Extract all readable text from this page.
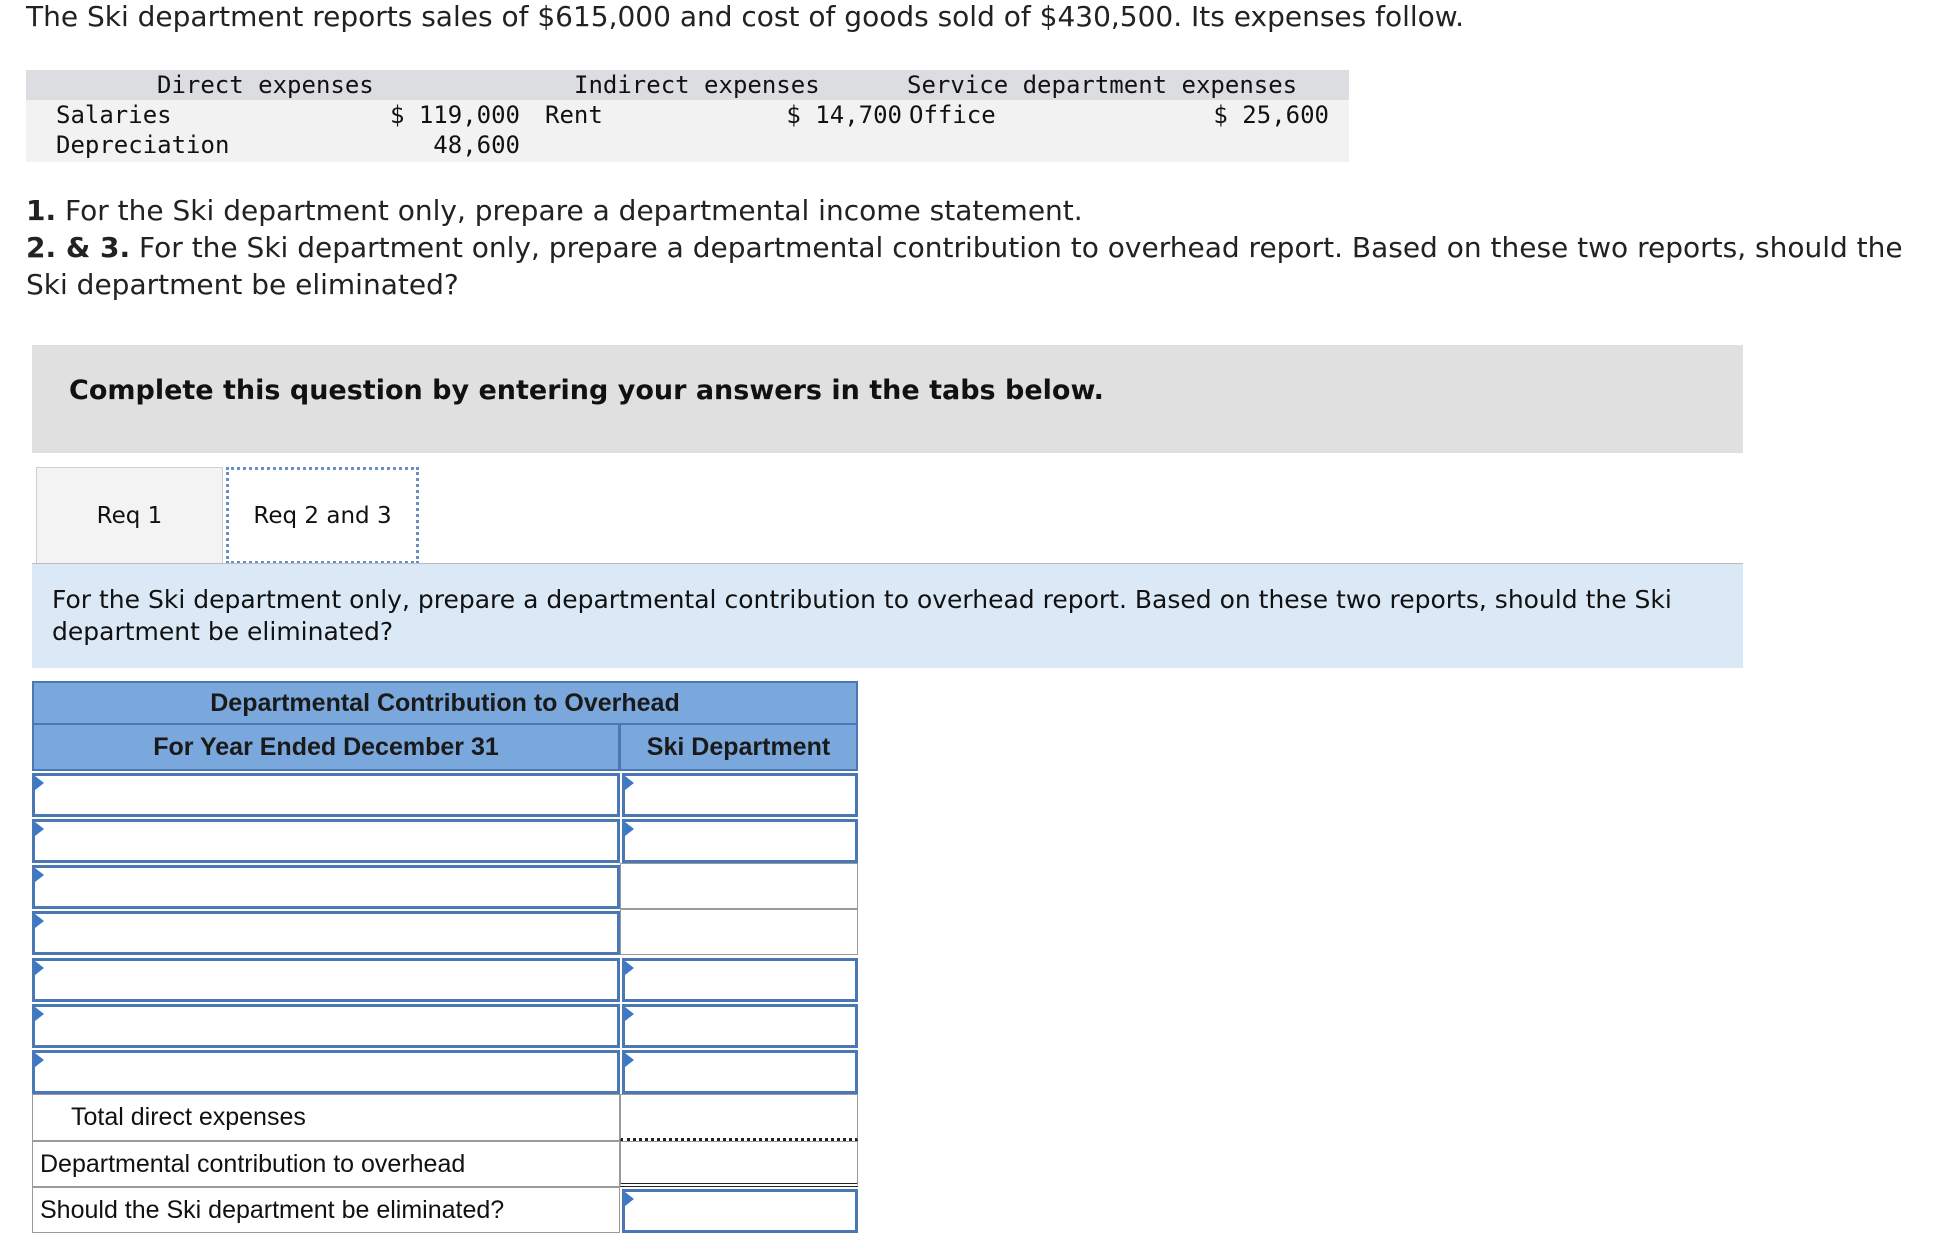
The Ski department reports sales of $615,000 and cost of goods sold of $430,500. Its expenses follow.
Direct expenses	Indirect expenses	Service department expenses
Salaries	$ 119,000 Rent	$ 14,700 Office	$ 25,600
Depreciation	48,600
1. For the Ski department only, prepare a departmental income statement.
2. & 3. For the Ski department only, prepare a departmental contribution to overhead report. Based on these two reports, should the Ski department be eliminated?
Complete this question by entering your answers in the tabs below.
Req 1	Req 2 and 3
For the Ski department only, prepare a departmental contribution to overhead report. Based on these two reports, should the Ski department be eliminated?
Departmental Contribution to Overhead
For Year Ended December 31	Ski Department
Total direct expenses
Departmental contribution to overhead
Should the Ski department be eliminated?
